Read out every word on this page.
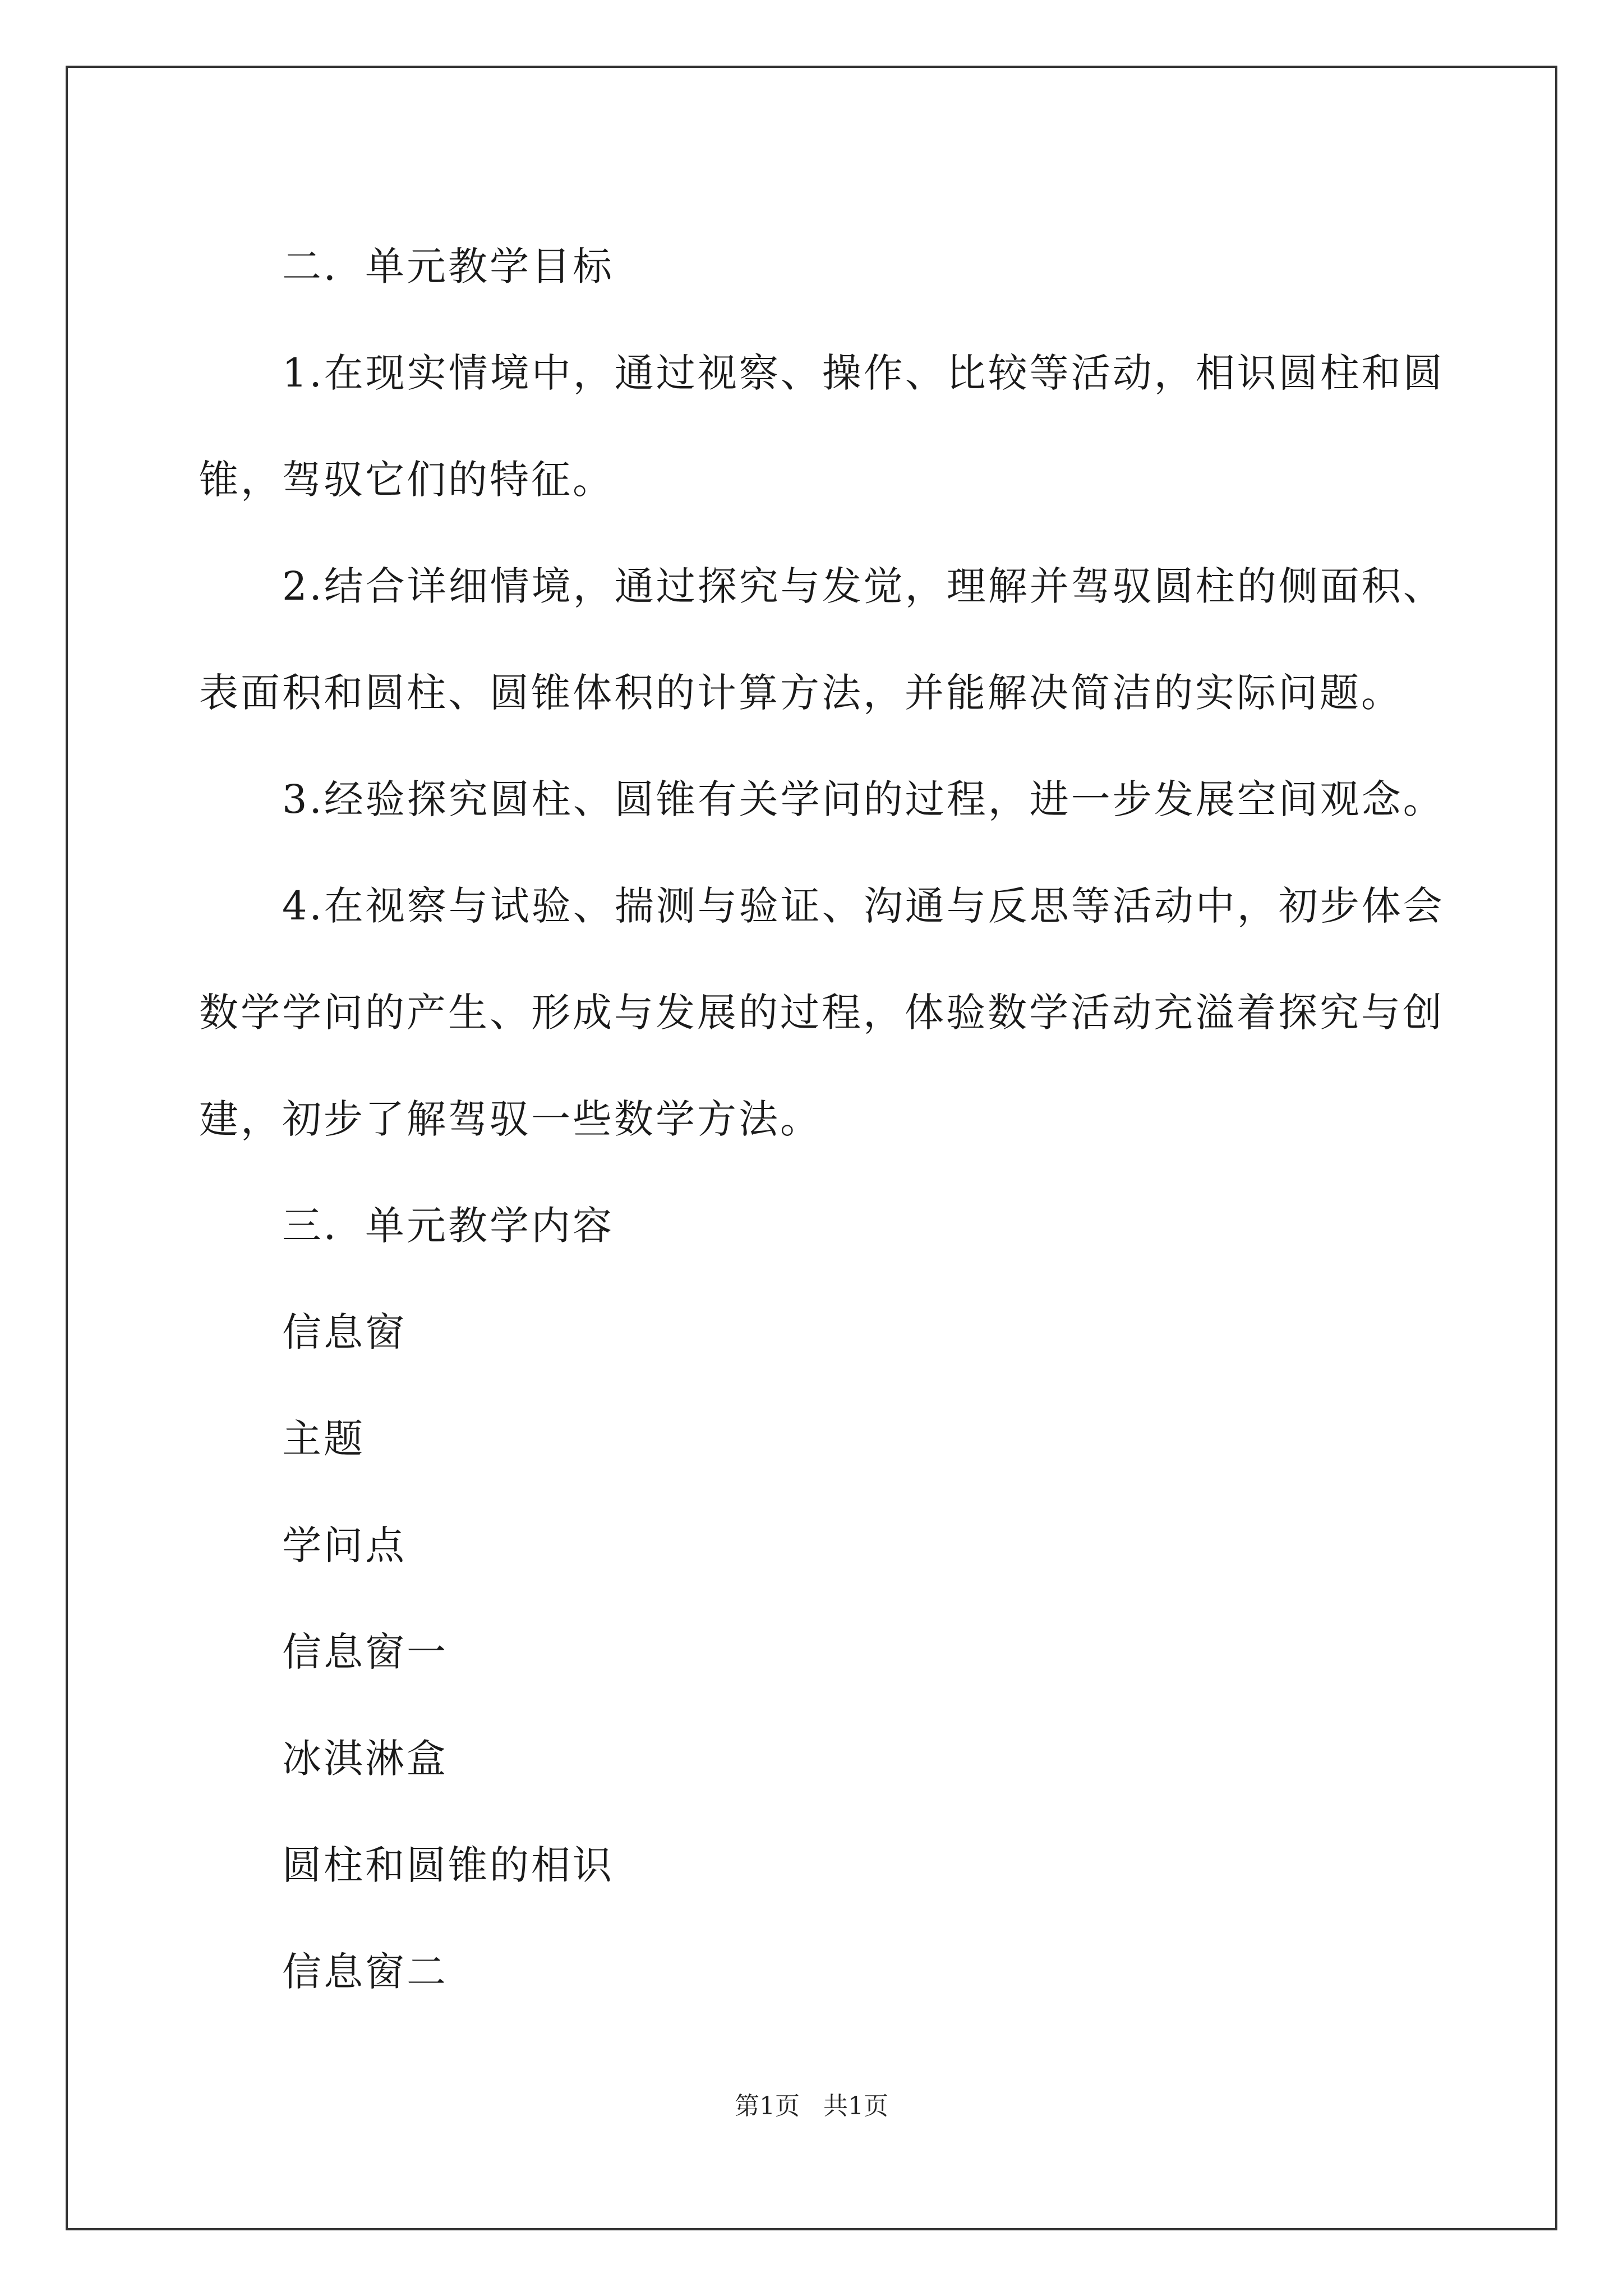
二．单元教学目标
1.在现实情境中，通过视察、操作、比较等活动，相识圆柱和圆
锥，驾驭它们的特征。
2.结合详细情境，通过探究与发觉，理解并驾驭圆柱的侧面积、
表面积和圆柱、圆锥体积的计算方法，并能解决简洁的实际问题。
3.经验探究圆柱、圆锥有关学问的过程，进一步发展空间观念。
4.在视察与试验、揣测与验证、沟通与反思等活动中，初步体会
数学学问的产生、形成与发展的过程，体验数学活动充溢着探究与创
建，初步了解驾驭一些数学方法。
三．单元教学内容
信息窗
主题
学问点
信息窗一
冰淇淋盒
圆柱和圆锥的相识
信息窗二
第1页 共1页
